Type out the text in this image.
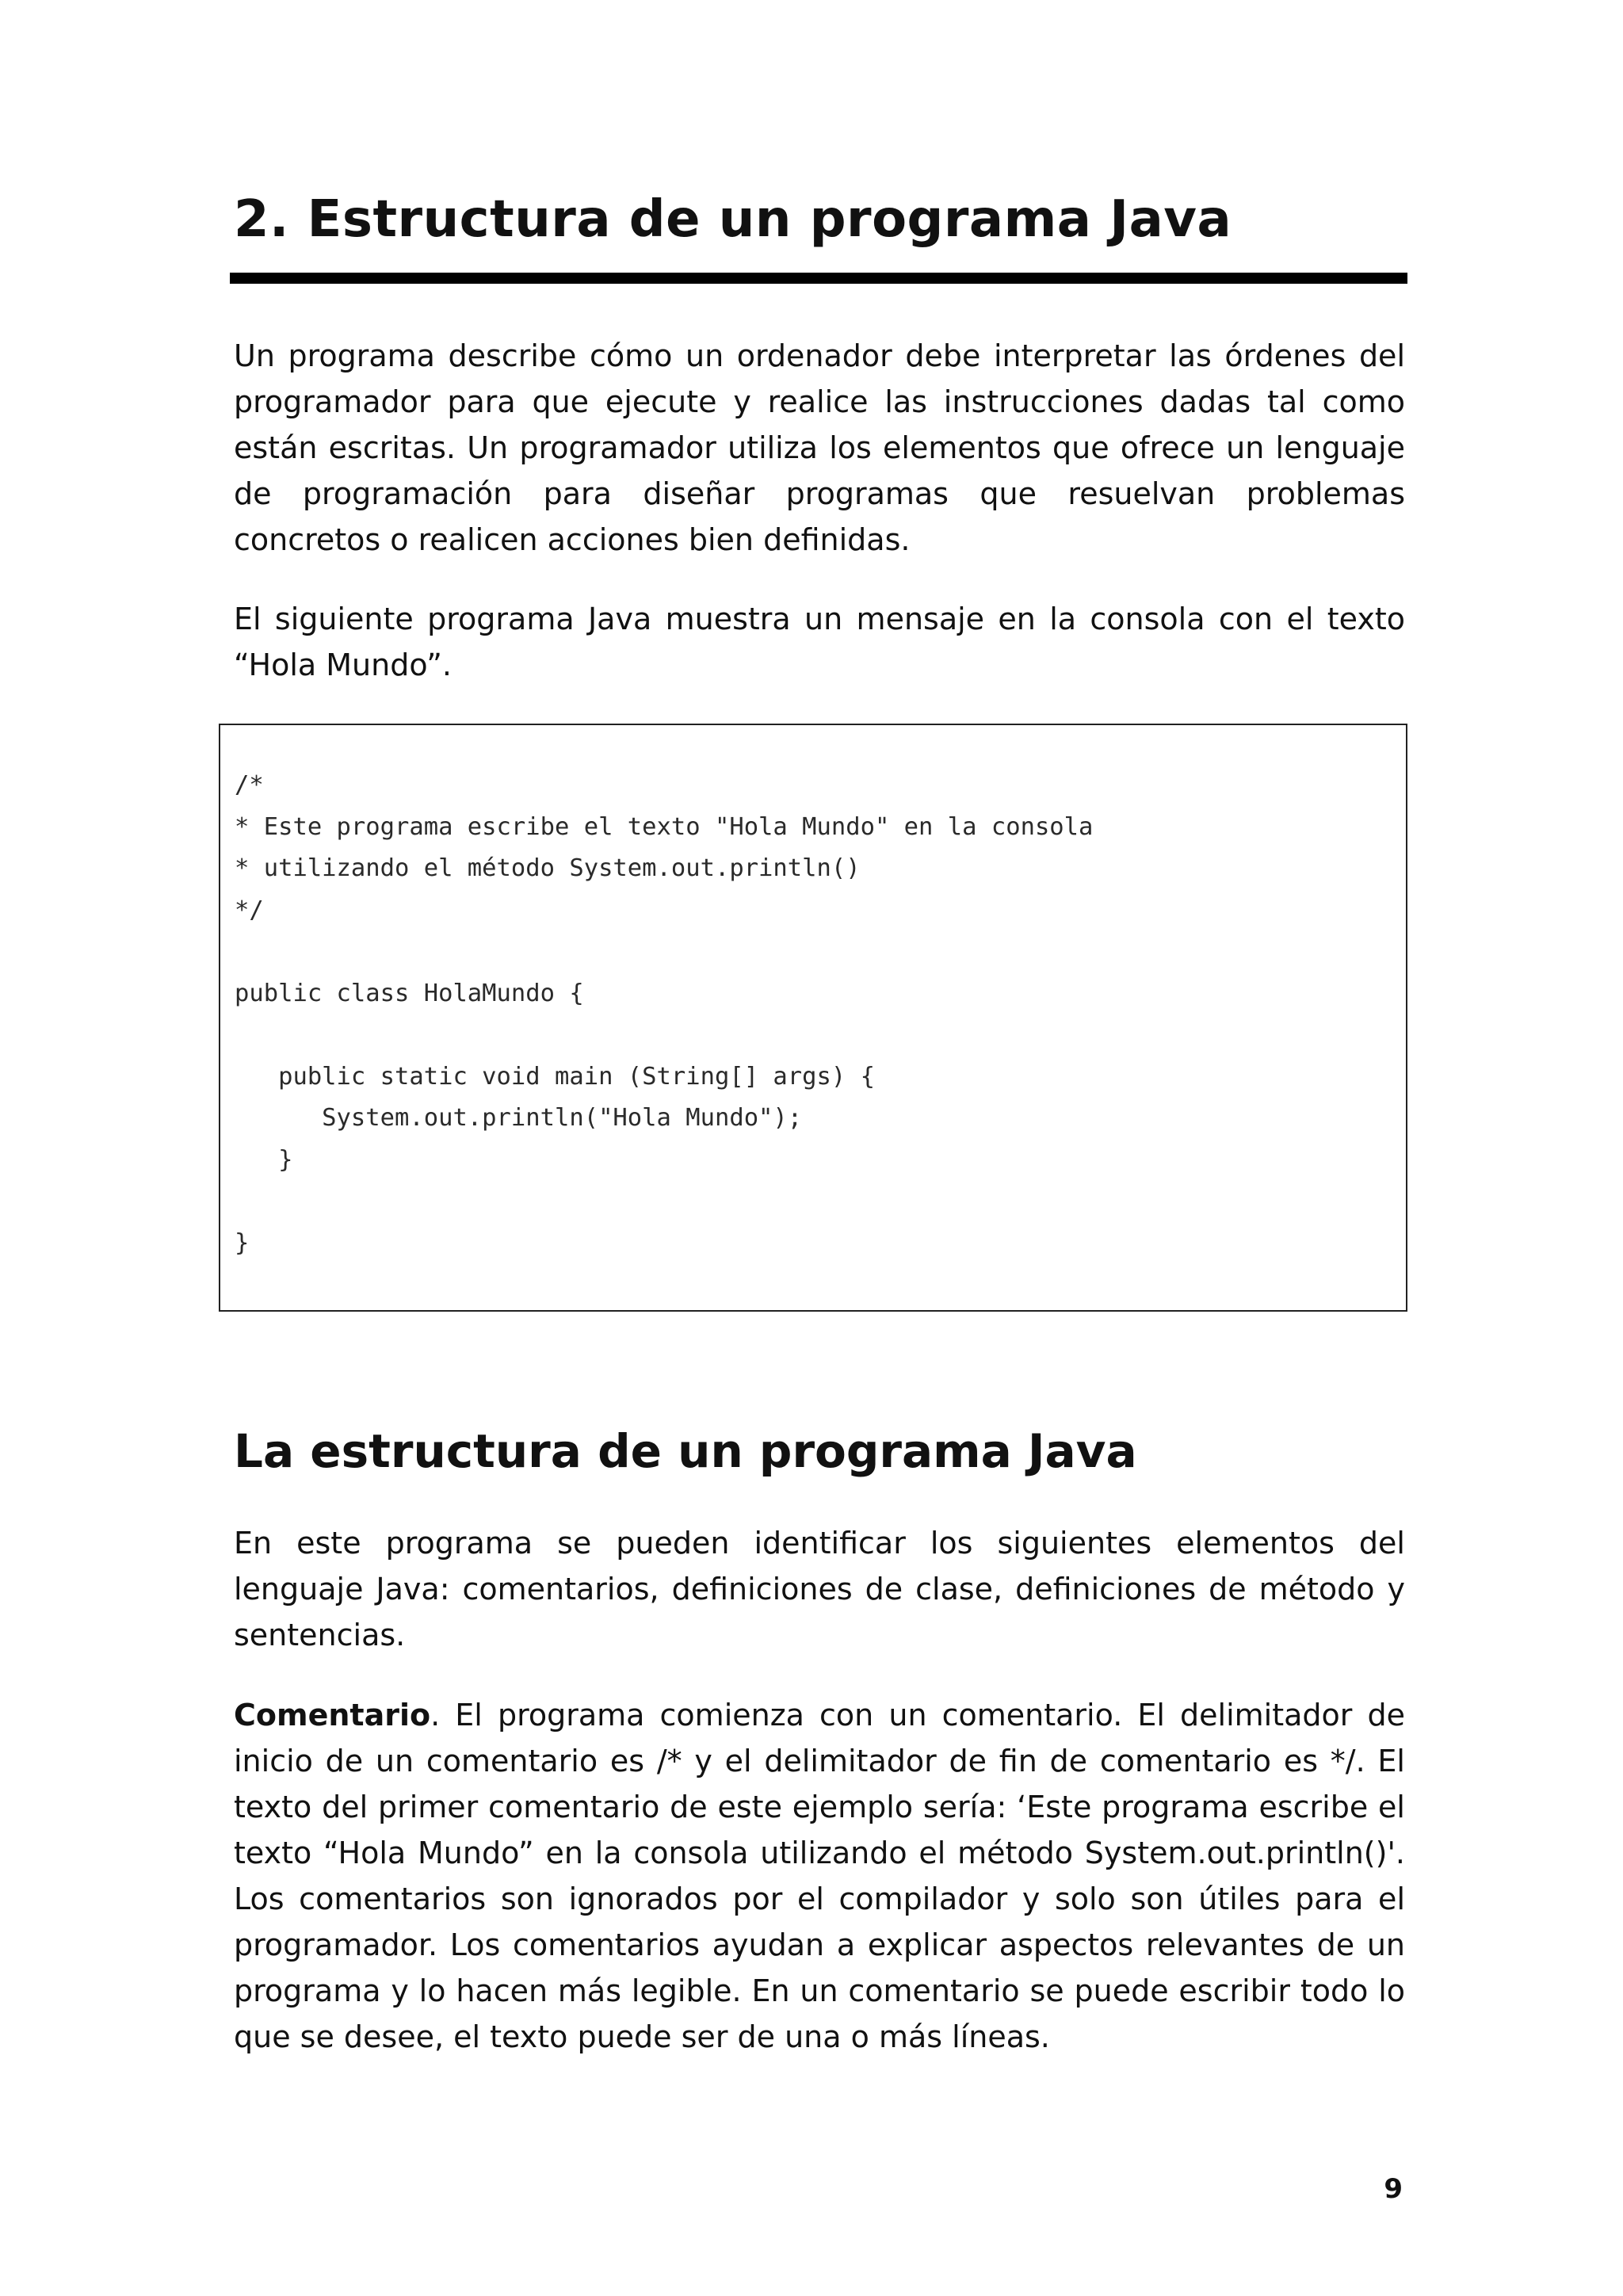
2. Estructura de un programa Java

Un programa describe cómo un ordenador debe interpretar las órdenes del programador para que ejecute y realice las instrucciones dadas tal como están escritas. Un programador utiliza los elementos que ofrece un lenguaje de programación para diseñar programas que resuelvan problemas concretos o realicen acciones bien definidas.

El siguiente programa Java muestra un mensaje en la consola con el texto “Hola Mundo”.

/*
* Este programa escribe el texto "Hola Mundo" en la consola
* utilizando el método System.out.println()
*/

public class HolaMundo {

public static void main (String[] args) {
System.out.println("Hola Mundo");
}

}
La estructura de un programa Java

En este programa se pueden identificar los siguientes elementos del lenguaje Java: comentarios, definiciones de clase, definiciones de método y sentencias.

Comentario. El programa comienza con un comentario. El delimitador de inicio de un comentario es /* y el delimitador de fin de comentario es */. El texto del primer comentario de este ejemplo sería: ‘Este programa escribe el texto “Hola Mundo” en la consola utilizando el método System.out.println()'. Los comentarios son ignorados por el compilador y solo son útiles para el programador. Los comentarios ayudan a explicar aspectos relevantes de un programa y lo hacen más legible. En un comentario se puede escribir todo lo que se desee, el texto puede ser de una o más líneas.

9
